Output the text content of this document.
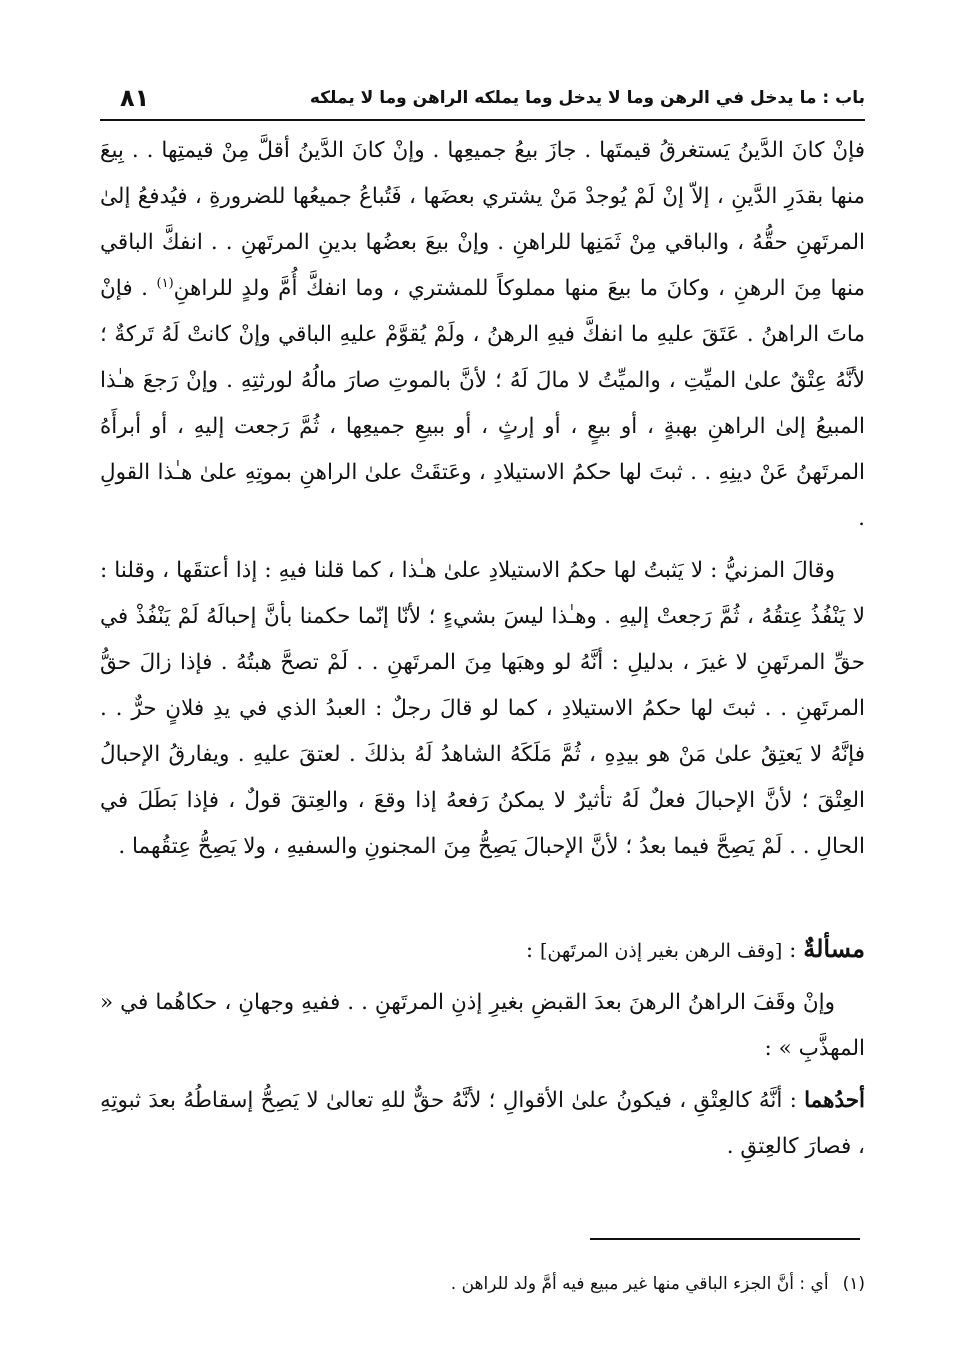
باب : ما يدخل في الرهن وما لا يدخل وما يملكه الراهن وما لا يملكه
٨١

فإنْ كانَ الدَّينُ يَستغرقُ قيمتَها . جازَ بيعُ جميعِها . وإنْ كانَ الدَّينُ أقلَّ مِنْ قيمتِها . . بِيعَ منها بقدَرِ الدَّينِ ، إلاّ إنْ لَمْ يُوجدْ مَنْ يشتري بعضَها ، فَتُباعُ جميعُها للضرورةِ ، فيُدفعُ إلىٰ المرتَهنِ حقُّهُ ، والباقي مِنْ ثَمَنِها للراهنِ . وإنْ بيعَ بعضُها بدينِ المرتَهنِ . . انفكَّ الباقي منها مِنَ الرهنِ ، وكانَ ما بيعَ منها مملوكاً للمشتري ، وما انفكَّ أُمَّ ولدٍ للراهنِ$^{(١)}$ . فإنْ ماتَ الراهنُ . عَتَقَ عليهِ ما انفكَّ فيهِ الرهنُ ، ولَمْ يُقوَّمْ عليهِ الباقي وإنْ كانتْ لَهُ تَركةٌ ؛ لأنَّهُ عِتْقٌ علىٰ الميِّتِ ، والميِّتُ لا مالَ لَهُ ؛ لأنَّ بالموتِ صارَ مالُهُ لورثتِهِ . وإنْ رَجعَ هـٰذا المبيعُ إلىٰ الراهنِ بهبةٍ ، أو بيعٍ ، أو إرثٍ ، أو ببيعِ جميعِها ، ثُمَّ رَجعت إليهِ ، أو أبرأَهُ المرتَهنُ عَنْ دينِهِ . . ثبتَ لها حكمُ الاستيلادِ ، وعَتقَتْ علىٰ الراهنِ بموتِهِ علىٰ هـٰذا القولِ .

وقالَ المزنيُّ : لا يَثبتُ لها حكمُ الاستيلادِ علىٰ هـٰذا ، كما قلنا فيهِ : إذا أعتقَها ، وقلنا : لا يَنْفُذُ عِتقُهُ ، ثُمَّ رَجعتْ إليهِ . وهـٰذا ليسَ بشيءٍ ؛ لأنّا إنّما حكمنا بأنَّ إحبالَهُ لَمْ يَنْفُذْ في حقِّ المرتَهنِ لا غيرَ ، بدليلِ : أنَّهُ لو وهبَها مِنَ المرتَهنِ . . لَمْ تصحَّ هبتُهُ . فإذا زالَ حقُّ المرتَهنِ . . ثبتَ لها حكمُ الاستيلادِ ، كما لو قالَ رجلٌ : العبدُ الذي في يدِ فلانٍ حرٌّ . . فإنَّهُ لا يَعتِقُ علىٰ مَنْ هو بيدِهِ ، ثُمَّ مَلَكَهُ الشاهدُ لَهُ بذلكَ . لعتقَ عليهِ . ويفارقُ الإحبالُ العِتْقَ ؛ لأنَّ الإحبالَ فعلٌ لَهُ تأثيرٌ لا يمكنُ رَفعهُ إذا وقعَ ، والعِتقَ قولٌ ، فإذا بَطَلَ في الحالِ . . لَمْ يَصِحَّ فيما بعدُ ؛ لأنَّ الإحبالَ يَصِحُّ مِنَ المجنونِ والسفيهِ ، ولا يَصِحُّ عِتقُهما .

مسألةٌ : [وقف الرهن بغير إذن المرتَهن] :

وإنْ وقَفَ الراهنُ الرهنَ بعدَ القبضِ بغيرِ إذنِ المرتَهنِ . . ففيهِ وجهانِ ، حكاهُما في « المهذَّبِ » :

أحدُهما : أنَّهُ كالعِتْقِ ، فيكونُ علىٰ الأقوالِ ؛ لأنَّهُ حقٌّ للهِ تعالىٰ لا يَصِحُّ إسقاطُهُ بعدَ ثبوتِهِ ، فصارَ كالعِتقِ .

(١)أي : أنَّ الجزء الباقي منها غير مبيع فيه أمَّ ولد للراهن .
